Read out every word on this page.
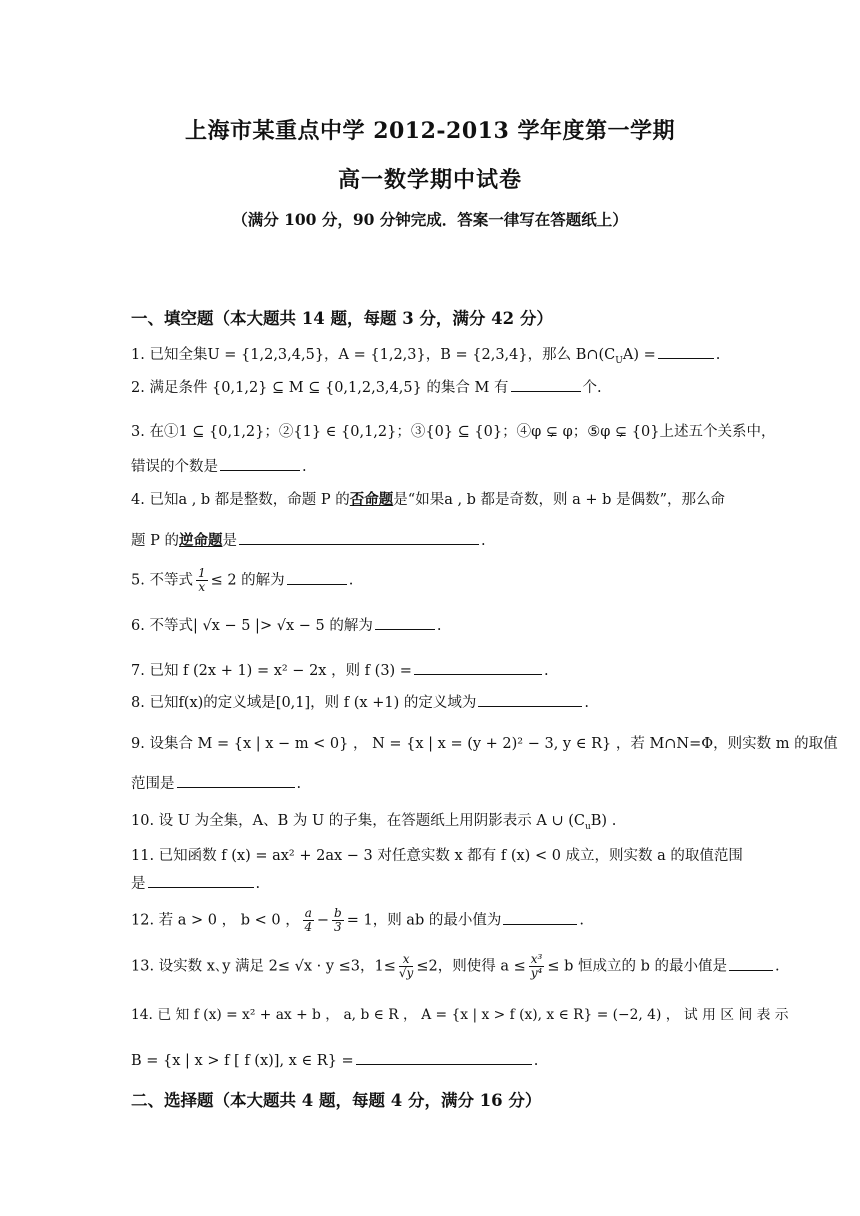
上海市某重点中学 2012-2013 学年度第一学期
高一数学期中试卷
（满分 100 分，90 分钟完成．答案一律写在答题纸上）
一、填空题（本大题共 14 题，每题 3 分，满分 42 分）
1. 已知全集U = {1,2,3,4,5}，A = {1,2,3}，B = {2,3,4}，那么 $B\cap(C_UA)$ =	.
2. 满足条件 {0,1,2} ⊆ M ⊆ {0,1,2,3,4,5} 的集合 M 有	个.
3. 在①1 ⊆ {0,1,2}；②{1} ∈ {0,1,2}；③{0} ⊆ {0}；④φ ⊊ φ；⑤φ ⊊ {0}上述五个关系中，
错误的个数是	.
4. 已知a , b 都是整数，命题 P 的否命题是“如果a , b 都是奇数，则 a + b 是偶数”，那么命
题 P 的逆命题是	.
5. 不等式 $\frac{1}{x} \le 2$ 的解为	.
6. 不等式| √x − 5 |> √x − 5 的解为	.
7. 已知 f (2x + 1) = x² − 2x ，则 f (3) =	.
8. 已知f(x)的定义域是[0,1]，则 f (x +1) 的定义域为	.
9. 设集合 M = {x | x − m < 0} ， N = {x | x = (y + 2)² − 3, y ∈ R} ，若 M∩N=Φ，则实数 m 的取值
范围是	.
10. 设 U 为全集，A、B 为 U 的子集，在答题纸上用阴影表示 A ∪ $(C_uB)$ .
11. 已知函数 f (x) = ax² + 2ax − 3 对任意实数 x 都有 f (x) < 0 成立，则实数 a 的取值范围
是	.
12. 若 a > 0 ， b < 0 ， $\frac{a}{4} - \frac{b}{3} = 1$，则 ab 的最小值为	.
13. 设实数 x､y 满足 2≤ √x · y ≤3，$1\le \frac{x}{√y} \le 2$，则使得 $a \le \frac{\text{x³}}{\text{y⁴}} \le b$ 恒成立的 b 的最小值是	.
14. 已 知 f (x) = x² + ax + b ， a, b ∈ R ， A = {x | x > f (x), x ∈ R} = (−2, 4) ， 试 用 区 间 表 示
B = {x | x > f [ f (x)], x ∈ R} =	.
二、选择题（本大题共 4 题，每题 4 分，满分 16 分）
